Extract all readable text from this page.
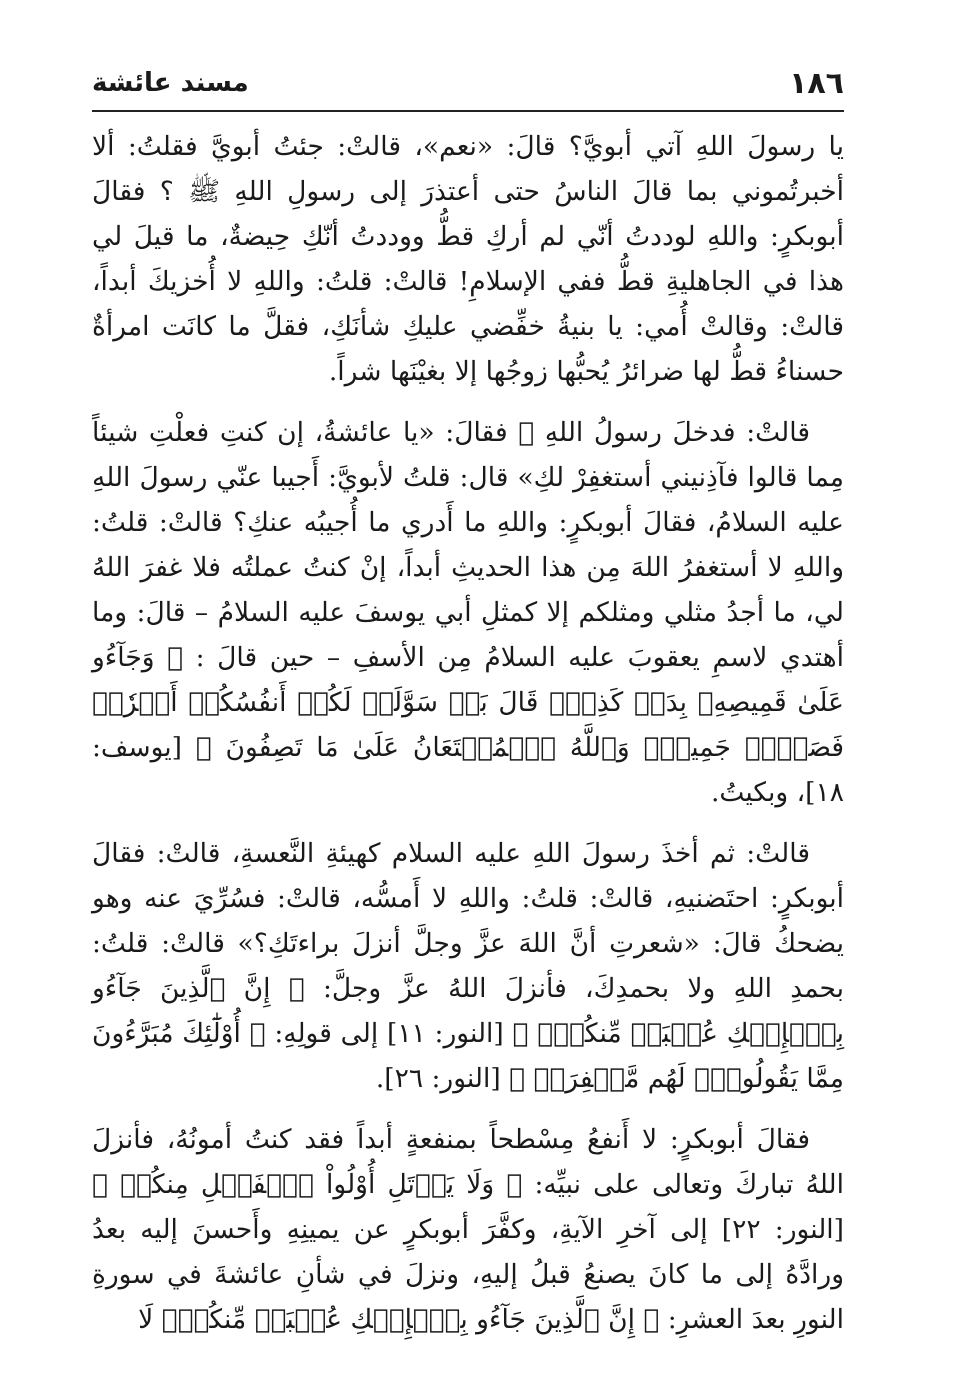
١٨٦
مسند عائشة

يا رسولَ اللهِ آتي أبويَّ؟ قالَ: «نعم»، قالتْ: جئتُ أبويَّ فقلتُ: ألا أخبرتُموني بما قالَ الناسُ حتى أعتذرَ إلى رسولِ اللهِ ﷺ ؟ فقالَ أبوبكرٍ: واللهِ لوددتُ أنّي لم أركِ قطُّ ووددتُ أنّكِ حِيضةٌ، ما قيلَ لي هذا في الجاهليةِ قطُّ ففي الإسلامِ! قالتْ: قلتُ: واللهِ لا أُخزيكَ أبداً، قالتْ: وقالتْ أُمي: يا بنيةُ خفِّضي عليكِ شأنَكِ، فقلَّ ما كانَت امرأةٌ حسناءُ قطُّ لها ضرائرُ يُحبُّها زوجُها إلا بغيْنَها شراً.

قالتْ: فدخلَ رسولُ اللهِ ﷺ فقالَ: «يا عائشةُ، إن كنتِ فعلْتِ شيئاً مِما قالوا فآذِنيني أستغفِرْ لكِ» قال: قلتُ لأبويَّ: أَجيبا عنّي رسولَ اللهِ عليه السلامُ، فقالَ أبوبكرٍ: واللهِ ما أَدري ما أُجيبُه عنكِ؟ قالتْ: قلتُ: واللهِ لا أستغفرُ اللهَ مِن هذا الحديثِ أبداً، إنْ كنتُ عملتُه فلا غفرَ اللهُ لي، ما أجدُ مثلي ومثلكم إلا كمثلِ أبي يوسفَ عليه السلامُ – قالَ: وما أهتدي لاسمِ يعقوبَ عليه السلامُ مِن الأسفِ – حين قالَ : ﴿ وَجَآءُو عَلَىٰ قَمِيصِهِۦ بِدَمٖ كَذِبٖۚ قَالَ بَلۡ سَوَّلَتۡ لَكُمۡ أَنفُسُكُمۡ أَمۡرٗاۖ فَصَبۡرٞ جَمِيلٞۖ وَٱللَّهُ ٱلۡمُسۡتَعَانُ عَلَىٰ مَا تَصِفُونَ ﴾ [يوسف: ١٨]، وبكيتُ.

قالتْ: ثم أخذَ رسولَ اللهِ عليه السلام كهيئةِ النَّعسةِ، قالتْ: فقالَ أبوبكرٍ: احتَضنيهِ، قالتْ: قلتُ: واللهِ لا أَمسُّه، قالتْ: فسُرِّيَ عنه وهو يضحكُ قالَ: «شعرتِ أنَّ اللهَ عزَّ وجلَّ أنزلَ براءتَكِ؟» قالتْ: قلتُ: بحمدِ اللهِ ولا بحمدِكَ، فأنزلَ اللهُ عزَّ وجلَّ: ﴿ إِنَّ ٱلَّذِينَ جَآءُو بِٱلۡإِفۡكِ عُصۡبَةٞ مِّنكُمۡۚ ﴾ [النور: ١١] إلى قولِهِ: ﴿ أُوْلَٰٓئِكَ مُبَرَّءُونَ مِمَّا يَقُولُونَۖ لَهُم مَّغۡفِرَةٞ ﴾ [النور: ٢٦].

فقالَ أبوبكرٍ: لا أَنفعُ مِسْطحاً بمنفعةٍ أبداً فقد كنتُ أمونُهُ، فأنزلَ اللهُ تباركَ وتعالى على نبيِّه: ﴿ وَلَا يَأۡتَلِ أُوْلُواْ ٱلۡفَضۡلِ مِنكُمۡ ﴾ [النور: ٢٢] إلى آخرِ الآيةِ، وكفَّرَ أبوبكرٍ عن يمينِهِ وأَحسنَ إليه بعدُ ورادَّهُ إلى ما كانَ يصنعُ قبلُ إليهِ، ونزلَ في شأنِ عائشةَ في سورةِ النورِ بعدَ العشرِ: ﴿ إِنَّ ٱلَّذِينَ جَآءُو بِٱلۡإِفۡكِ عُصۡبَةٞ مِّنكُمۡۚ لَا
